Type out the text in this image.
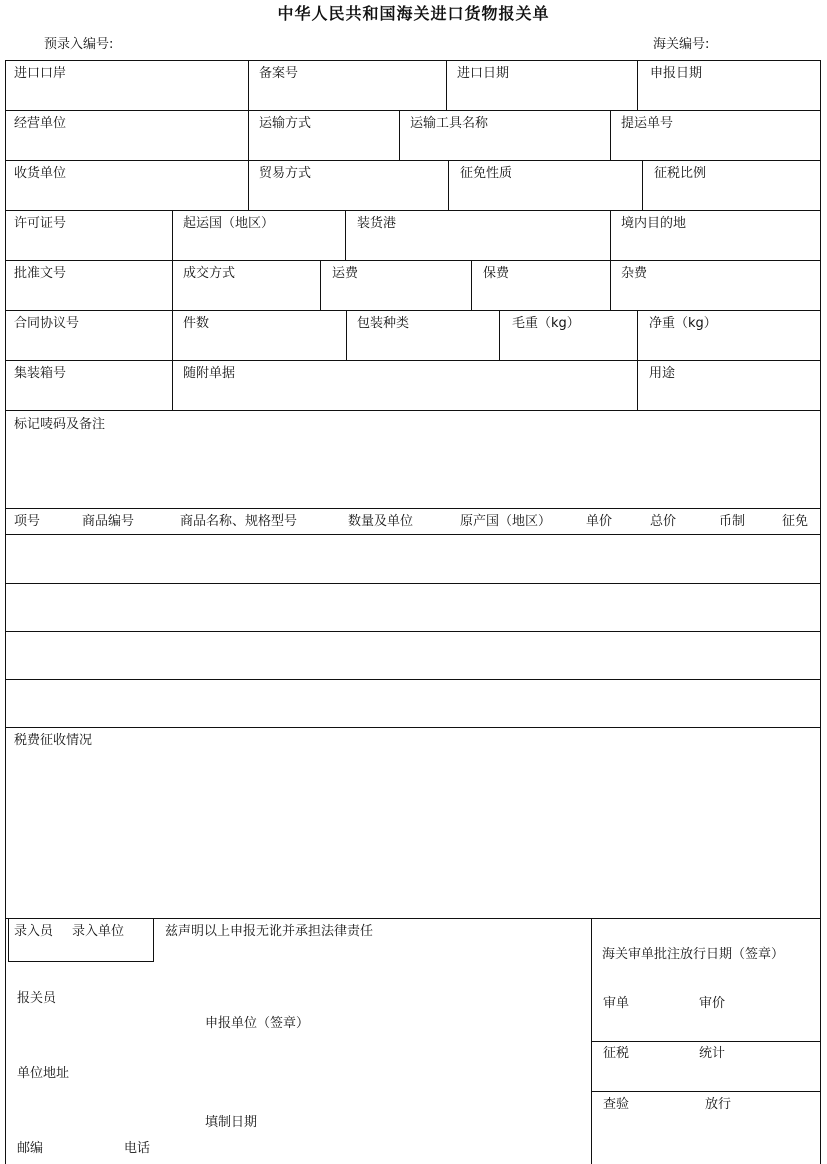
中华人民共和国海关进口货物报关单
预录入编号:	海关编号:
进口口岸	备案号	进口日期	申报日期
经营单位	运输方式	运输工具名称	提运单号
收货单位	贸易方式	征免性质	征税比例
许可证号	起运国（地区）	装货港	境内目的地
批准文号	成交方式	运费	保费	杂费
合同协议号	件数	包装种类	毛重（kg）	净重（kg）
集装箱号	随附单据	用途
标记唛码及备注
项号	商品编号	商品名称、规格型号	数量及单位	原产国（地区）	单价	总价	币制	征免
税费征收情况
录入员 录入单位	兹声明以上申报无讹并承担法律责任
报关员
申报单位（签章）
单位地址
填制日期
邮编	电话
海关审单批注放行日期（签章）
审单	审价
征税	统计
查验	放行
